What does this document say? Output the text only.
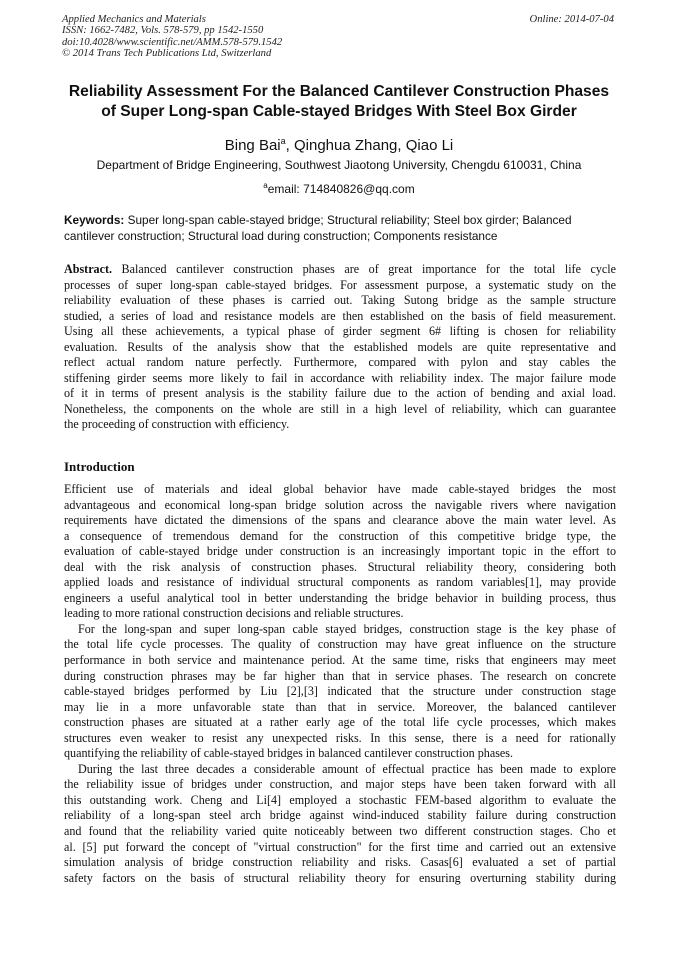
Applied Mechanics and Materials
ISSN: 1662-7482, Vols. 578-579, pp 1542-1550
doi:10.4028/www.scientific.net/AMM.578-579.1542
© 2014 Trans Tech Publications Ltd, Switzerland
Online: 2014-07-04
Reliability Assessment For the Balanced Cantilever Construction Phases
of Super Long-span Cable-stayed Bridges With Steel Box Girder
Bing Bai$^a$, Qinghua Zhang, Qiao Li
Department of Bridge Engineering, Southwest Jiaotong University, Chengdu 610031, China
$^a$email: 714840826@qq.com
Keywords: Super long-span cable-stayed bridge; Structural reliability; Steel box girder; Balanced
cantilever construction; Structural load during construction; Components resistance
Abstract. Balanced cantilever construction phases are of great importance for the total life cycle
processes of super long-span cable-stayed bridges. For assessment purpose, a systematic study on the
reliability evaluation of these phases is carried out. Taking Sutong bridge as the sample structure
studied, a series of load and resistance models are then established on the basis of field measurement.
Using all these achievements, a typical phase of girder segment 6# lifting is chosen for reliability
evaluation. Results of the analysis show that the established models are quite representative and
reflect actual random nature perfectly. Furthermore, compared with pylon and stay cables the
stiffening girder seems more likely to fail in accordance with reliability index. The major failure mode
of it in terms of present analysis is the stability failure due to the action of bending and axial load.
Nonetheless, the components on the whole are still in a high level of reliability, which can guarantee
the proceeding of construction with efficiency.
Introduction
Efficient use of materials and ideal global behavior have made cable-stayed bridges the most
advantageous and economical long-span bridge solution across the navigable rivers where navigation
requirements have dictated the dimensions of the spans and clearance above the main water level. As
a consequence of tremendous demand for the construction of this competitive bridge type, the
evaluation of cable-stayed bridge under construction is an increasingly important topic in the effort to
deal with the risk analysis of construction phases. Structural reliability theory, considering both
applied loads and resistance of individual structural components as random variables[1], may provide
engineers a useful analytical tool in better understanding the bridge behavior in building process, thus
leading to more rational construction decisions and reliable structures.
For the long-span and super long-span cable stayed bridges, construction stage is the key phase of
the total life cycle processes. The quality of construction may have great influence on the structure
performance in both service and maintenance period. At the same time, risks that engineers may meet
during construction phrases may be far higher than that in service phases. The research on concrete
cable-stayed bridges performed by Liu [2],[3] indicated that the structure under construction stage
may lie in a more unfavorable state than that in service. Moreover, the balanced cantilever
construction phases are situated at a rather early age of the total life cycle processes, which makes
structures even weaker to resist any unexpected risks. In this sense, there is a need for rationally
quantifying the reliability of cable-stayed bridges in balanced cantilever construction phases.
During the last three decades a considerable amount of effectual practice has been made to explore
the reliability issue of bridges under construction, and major steps have been taken forward with all
this outstanding work. Cheng and Li[4] employed a stochastic FEM-based algorithm to evaluate the
reliability of a long-span steel arch bridge against wind-induced stability failure during construction
and found that the reliability varied quite noticeably between two different construction stages. Cho et
al. [5] put forward the concept of "virtual construction" for the first time and carried out an extensive
simulation analysis of bridge construction reliability and risks. Casas[6] evaluated a set of partial
safety factors on the basis of structural reliability theory for ensuring overturning stability during
